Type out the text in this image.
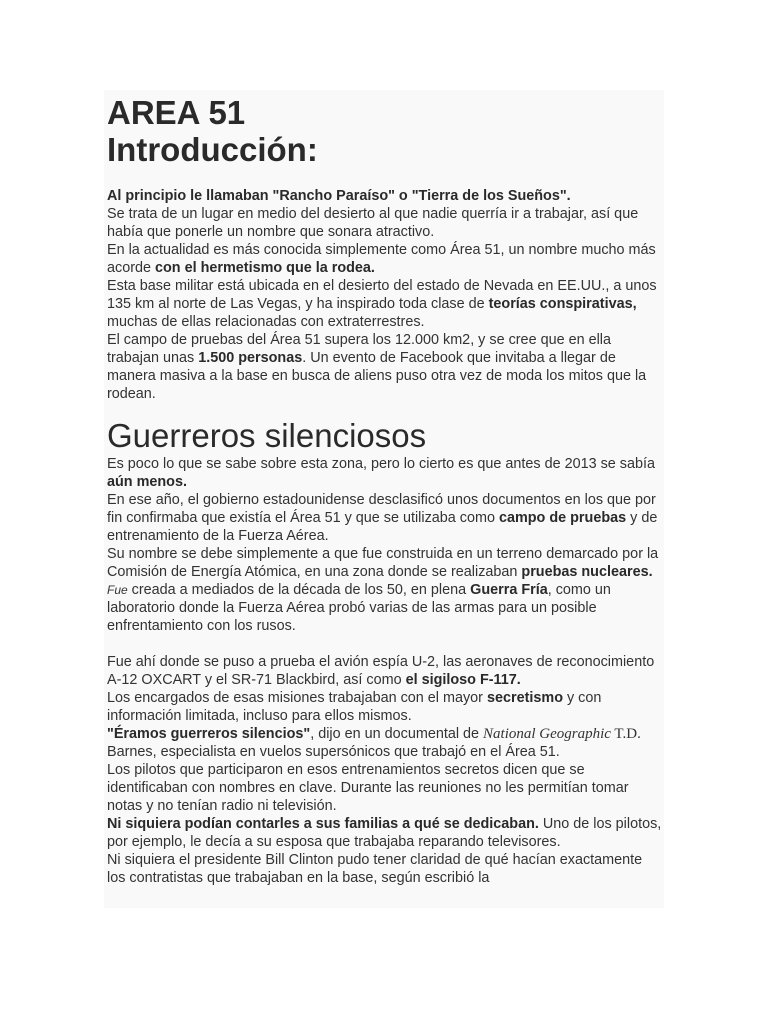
AREA 51
Introducción:

Al principio le llamaban "Rancho Paraíso" o "Tierra de los Sueños".

Se trata de un lugar en medio del desierto al que nadie querría ir a trabajar, así que había que ponerle un nombre que sonara atractivo.

En la actualidad es más conocida simplemente como Área 51, un nombre mucho más acorde con el hermetismo que la rodea.

Esta base militar está ubicada en el desierto del estado de Nevada en EE.UU., a unos 135 km al norte de Las Vegas, y ha inspirado toda clase de teorías conspirativas, muchas de ellas relacionadas con extraterrestres.

El campo de pruebas del Área 51 supera los 12.000 km2, y se cree que en ella trabajan unas 1.500 personas. Un evento de Facebook que invitaba a llegar de manera masiva a la base en busca de aliens puso otra vez de moda los mitos que la rodean.

Guerreros silenciosos

Es poco lo que se sabe sobre esta zona, pero lo cierto es que antes de 2013 se sabía aún menos.

En ese año, el gobierno estadounidense desclasificó unos documentos en los que por fin confirmaba que existía el Área 51 y que se utilizaba como campo de pruebas y de entrenamiento de la Fuerza Aérea.

Su nombre se debe simplemente a que fue construida en un terreno demarcado por la Comisión de Energía Atómica, en una zona donde se realizaban pruebas nucleares.

Fue creada a mediados de la década de los 50, en plena Guerra Fría, como un laboratorio donde la Fuerza Aérea probó varias de las armas para un posible enfrentamiento con los rusos.

Fue ahí donde se puso a prueba el avión espía U-2, las aeronaves de reconocimiento A-12 OXCART y el SR-71 Blackbird, así como el sigiloso F-117.

Los encargados de esas misiones trabajaban con el mayor secretismo y con información limitada, incluso para ellos mismos.

"Éramos guerreros silencios", dijo en un documental de National Geographic T.D. Barnes, especialista en vuelos supersónicos que trabajó en el Área 51.

Los pilotos que participaron en esos entrenamientos secretos dicen que se identificaban con nombres en clave. Durante las reuniones no les permitían tomar notas y no tenían radio ni televisión.

Ni siquiera podían contarles a sus familias a qué se dedicaban. Uno de los pilotos, por ejemplo, le decía a su esposa que trabajaba reparando televisores.

Ni siquiera el presidente Bill Clinton pudo tener claridad de qué hacían exactamente los contratistas que trabajaban en la base, según escribió la
